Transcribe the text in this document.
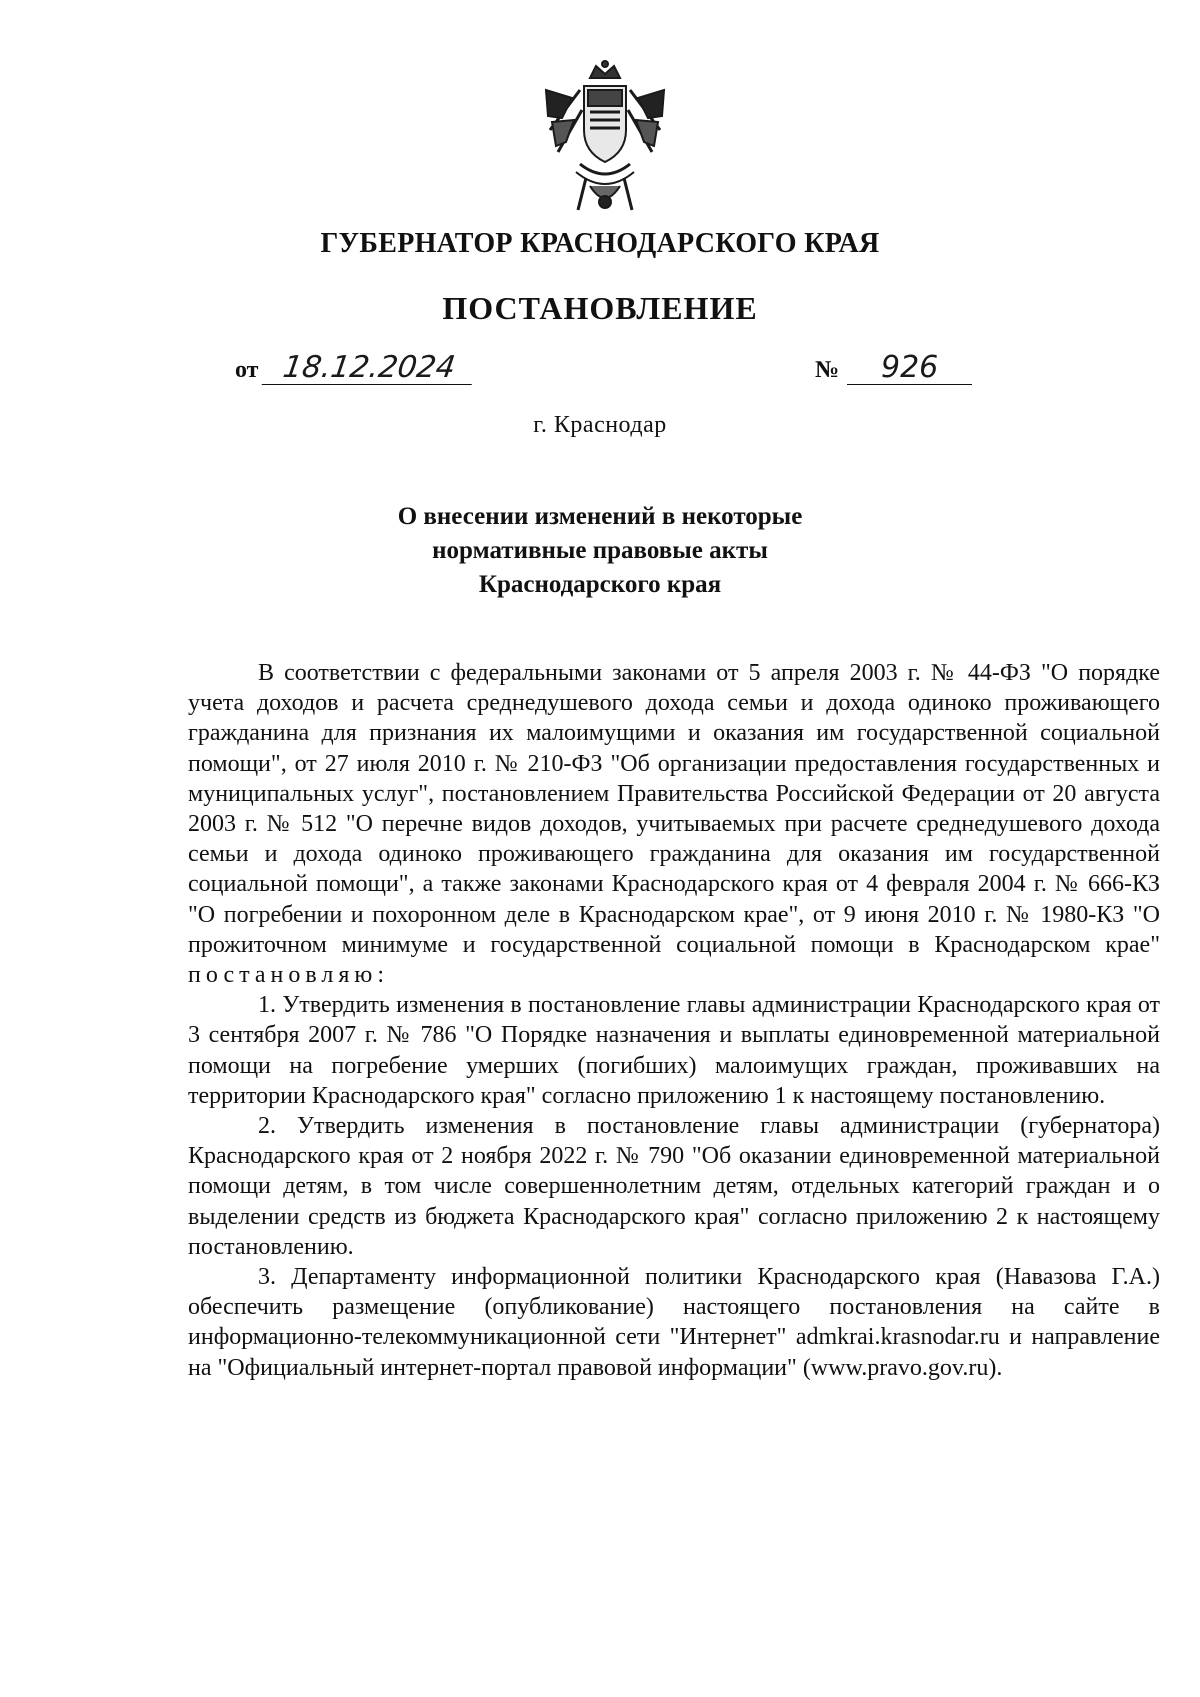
ГУБЕРНАТОР КРАСНОДАРСКОГО КРАЯ
ПОСТАНОВЛЕНИЕ
от 18.12.2024	№ 926
г. Краснодар
О внесении изменений в некоторые
нормативные правовые акты
Краснодарского края

В соответствии с федеральными законами от 5 апреля 2003 г. № 44-ФЗ "О порядке учета доходов и расчета среднедушевого дохода семьи и дохода одиноко проживающего гражданина для признания их малоимущими и оказания им государственной социальной помощи", от 27 июля 2010 г. № 210-ФЗ "Об организации предоставления государственных и муниципальных услуг", постановлением Правительства Российской Федерации от 20 августа 2003 г. № 512 "О перечне видов доходов, учитываемых при расчете среднедушевого дохода семьи и дохода одиноко проживающего гражданина для оказания им государственной социальной помощи", а также законами Краснодарского края от 4 февраля 2004 г. № 666-КЗ "О погребении и похоронном деле в Краснодарском крае", от 9 июня 2010 г. № 1980-КЗ "О прожиточном минимуме и государственной социальной помощи в Краснодарском крае" постановляю:

1. Утвердить изменения в постановление главы администрации Краснодарского края от 3 сентября 2007 г. № 786 "О Порядке назначения и выплаты единовременной материальной помощи на погребение умерших (погибших) малоимущих граждан, проживавших на территории Краснодарского края" согласно приложению 1 к настоящему постановлению.

2. Утвердить изменения в постановление главы администрации (губернатора) Краснодарского края от 2 ноября 2022 г. № 790 "Об оказании единовременной материальной помощи детям, в том числе совершеннолетним детям, отдельных категорий граждан и о выделении средств из бюджета Краснодарского края" согласно приложению 2 к настоящему постановлению.

3. Департаменту информационной политики Краснодарского края (Навазова Г.А.) обеспечить размещение (опубликование) настоящего постановления на сайте в информационно-телекоммуникационной сети "Интернет" admkrai.krasnodar.ru и направление на "Официальный интернет-портал правовой информации" (www.pravo.gov.ru).
